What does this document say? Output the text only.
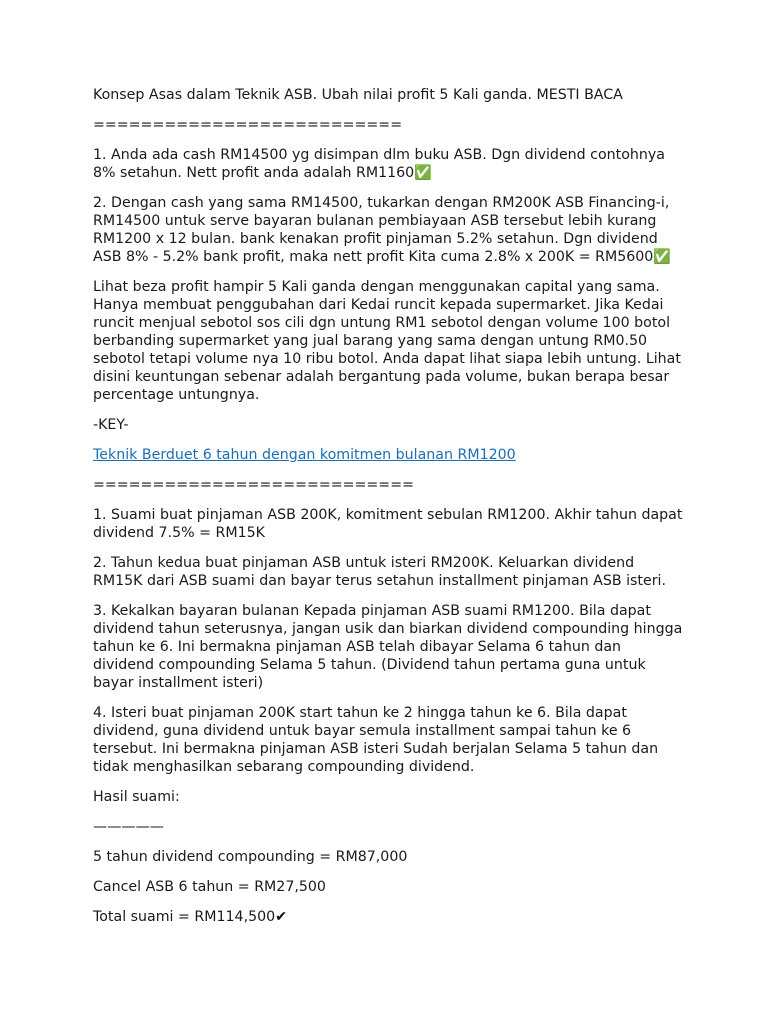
Konsep Asas dalam Teknik ASB. Ubah nilai profit 5 Kali ganda. MESTI BACA

==========================

1. Anda ada cash RM14500 yg disimpan dlm buku ASB. Dgn dividend contohnya 8% setahun. Nett profit anda adalah RM1160✅

2. Dengan cash yang sama RM14500, tukarkan dengan RM200K ASB Financing-i, RM14500 untuk serve bayaran bulanan pembiayaan ASB tersebut lebih kurang RM1200 x 12 bulan. bank kenakan profit pinjaman 5.2% setahun. Dgn dividend ASB 8% - 5.2% bank profit, maka nett profit Kita cuma 2.8% x 200K = RM5600✅

Lihat beza profit hampir 5 Kali ganda dengan menggunakan capital yang sama. Hanya membuat penggubahan dari Kedai runcit kepada supermarket. Jika Kedai runcit menjual sebotol sos cili dgn untung RM1 sebotol dengan volume 100 botol berbanding supermarket yang jual barang yang sama dengan untung RM0.50 sebotol tetapi volume nya 10 ribu botol. Anda dapat lihat siapa lebih untung. Lihat disini keuntungan sebenar adalah bergantung pada volume, bukan berapa besar percentage untungnya.

-KEY-

Teknik Berduet 6 tahun dengan komitmen bulanan RM1200

===========================

1. Suami buat pinjaman ASB 200K, komitment sebulan RM1200. Akhir tahun dapat dividend 7.5% = RM15K

2. Tahun kedua buat pinjaman ASB untuk isteri RM200K. Keluarkan dividend RM15K dari ASB suami dan bayar terus setahun installment pinjaman ASB isteri.

3. Kekalkan bayaran bulanan Kepada pinjaman ASB suami RM1200. Bila dapat dividend tahun seterusnya, jangan usik dan biarkan dividend compounding hingga tahun ke 6. Ini bermakna pinjaman ASB telah dibayar Selama 6 tahun dan dividend compounding Selama 5 tahun. (Dividend tahun pertama guna untuk bayar installment isteri)

4. Isteri buat pinjaman 200K start tahun ke 2 hingga tahun ke 6. Bila dapat dividend, guna dividend untuk bayar semula installment sampai tahun ke 6 tersebut. Ini bermakna pinjaman ASB isteri Sudah berjalan Selama 5 tahun dan tidak menghasilkan sebarang compounding dividend.

Hasil suami:

—————

5 tahun dividend compounding = RM87,000

Cancel ASB 6 tahun = RM27,500

Total suami = RM114,500✔
